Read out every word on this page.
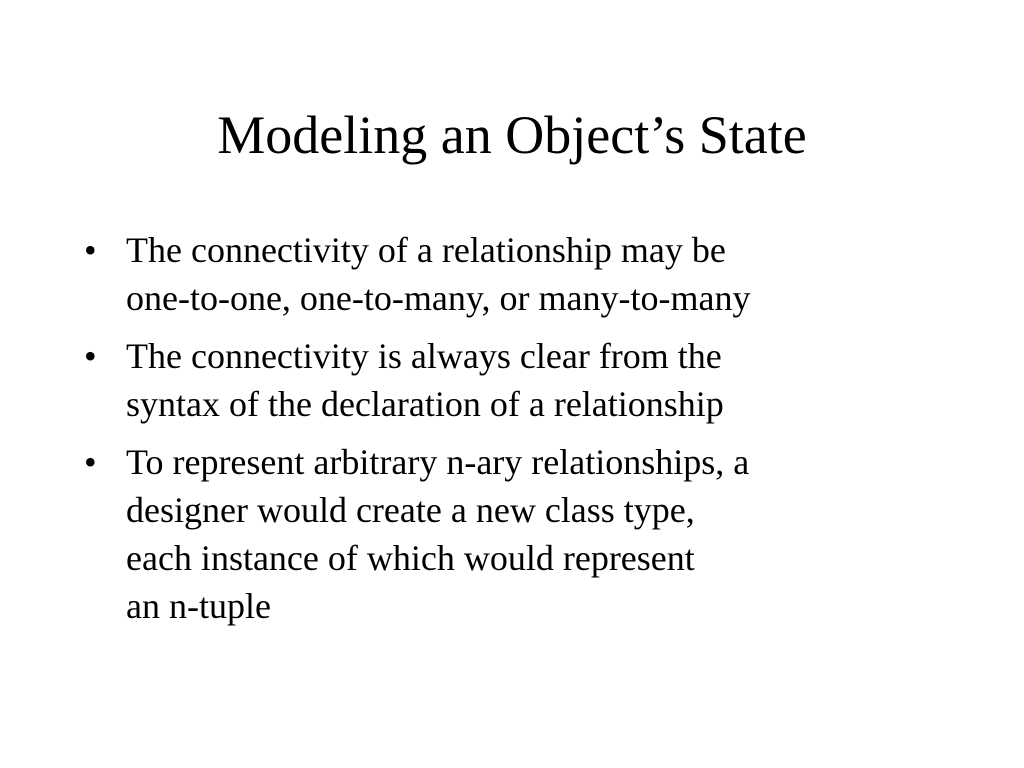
Modeling an Object’s State
• The connectivity of a relationship may be
one-to-one, one-to-many, or many-to-many
• The connectivity is always clear from the
syntax of the declaration of a relationship
• To represent arbitrary n-ary relationships, a
designer would create a new class type,
each instance of which would represent
an n-tuple
